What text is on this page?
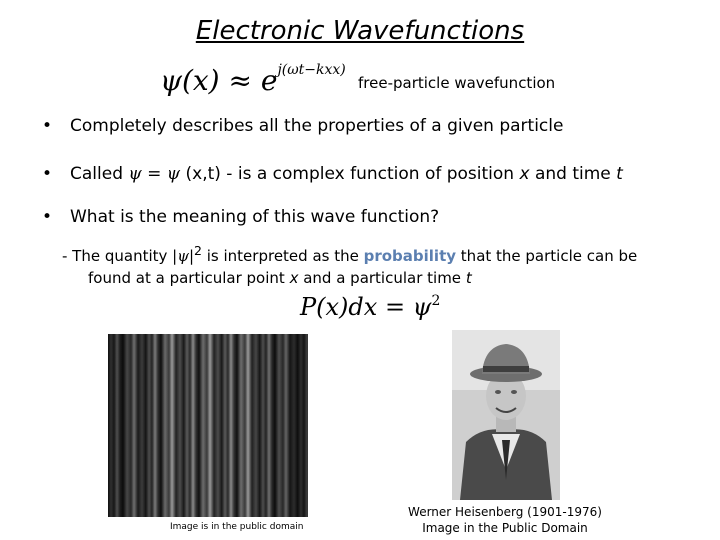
Electronic Wavefunctions
$\psi(x) \approx e^{j(\omega t-kxx)}$
free-particle wavefunction
• Completely describes all the properties of a given particle
• Called ψ = ψ (x,t) - is a complex function of position x and time t
• What is the meaning of this wave function?
- The quantity $|\psi|^2$ is interpreted as the probability that the particle can be
found at a particular point x and a particular time t
$P(x)dx = \psi^2$
Image is in the public domain
Werner Heisenberg (1901-1976)
Image in the Public Domain
